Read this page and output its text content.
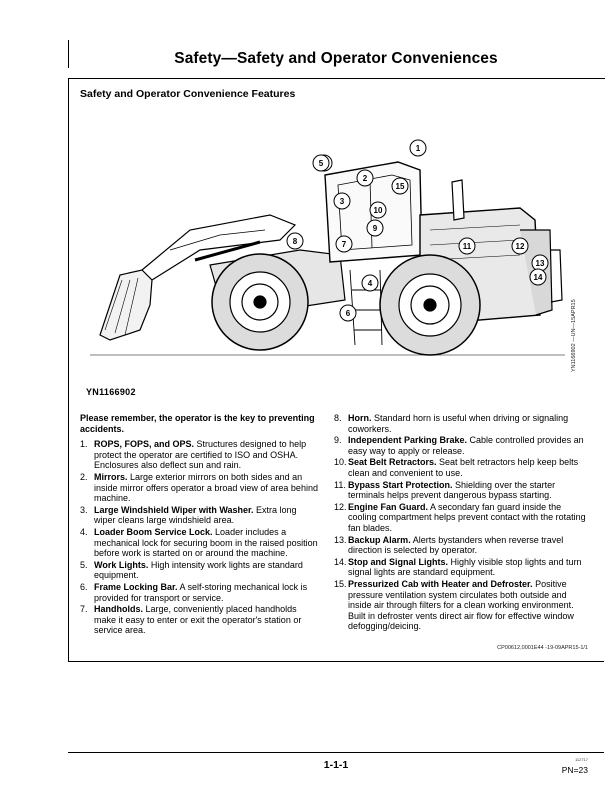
Safety—Safety and Operator Conveniences
Safety and Operator Convenience Features
1
2
3
4
5
6
7
8
9
10
11	12
13
14
15
YN1166902
YN1166902 —UN—15APR15
Please remember, the operator is the key to preventing accidents.
1. ROPS, FOPS, and OPS. Structures designed to help protect the operator are certified to ISO and OSHA. Enclosures also deflect sun and rain.
2. Mirrors. Large exterior mirrors on both sides and an inside mirror offers operator a broad view of area behind machine.
3. Large Windshield Wiper with Washer. Extra long wiper cleans large windshield area.
4. Loader Boom Service Lock. Loader includes a mechanical lock for securing boom in the raised position before work is started on or around the machine.
5. Work Lights. High intensity work lights are standard equipment.
6. Frame Locking Bar. A self-storing mechanical lock is provided for transport or service.
7. Handholds. Large, conveniently placed handholds make it easy to enter or exit the operator's station or service area.
8. Horn. Standard horn is useful when driving or signaling coworkers.
9. Independent Parking Brake. Cable controlled provides an easy way to apply or release.
10. Seat Belt Retractors. Seat belt retractors help keep belts clean and convenient to use.
11. Bypass Start Protection. Shielding over the starter terminals helps prevent dangerous bypass starting.
12. Engine Fan Guard. A secondary fan guard inside the cooling compartment helps prevent contact with the rotating fan blades.
13. Backup Alarm. Alerts bystanders when reverse travel direction is selected by operator.
14. Stop and Signal Lights. Highly visible stop lights and turn signal lights are standard equipment.
15. Pressurized Cab with Heater and Defroster. Positive pressure ventilation system circulates both outside and inside air through filters for a clean working environment. Built in defroster vents direct air flow for effective window defogging/deicing.
CP00612,0001E44 -19-09APR15-1/1
1-1-1	112717
PN=23
